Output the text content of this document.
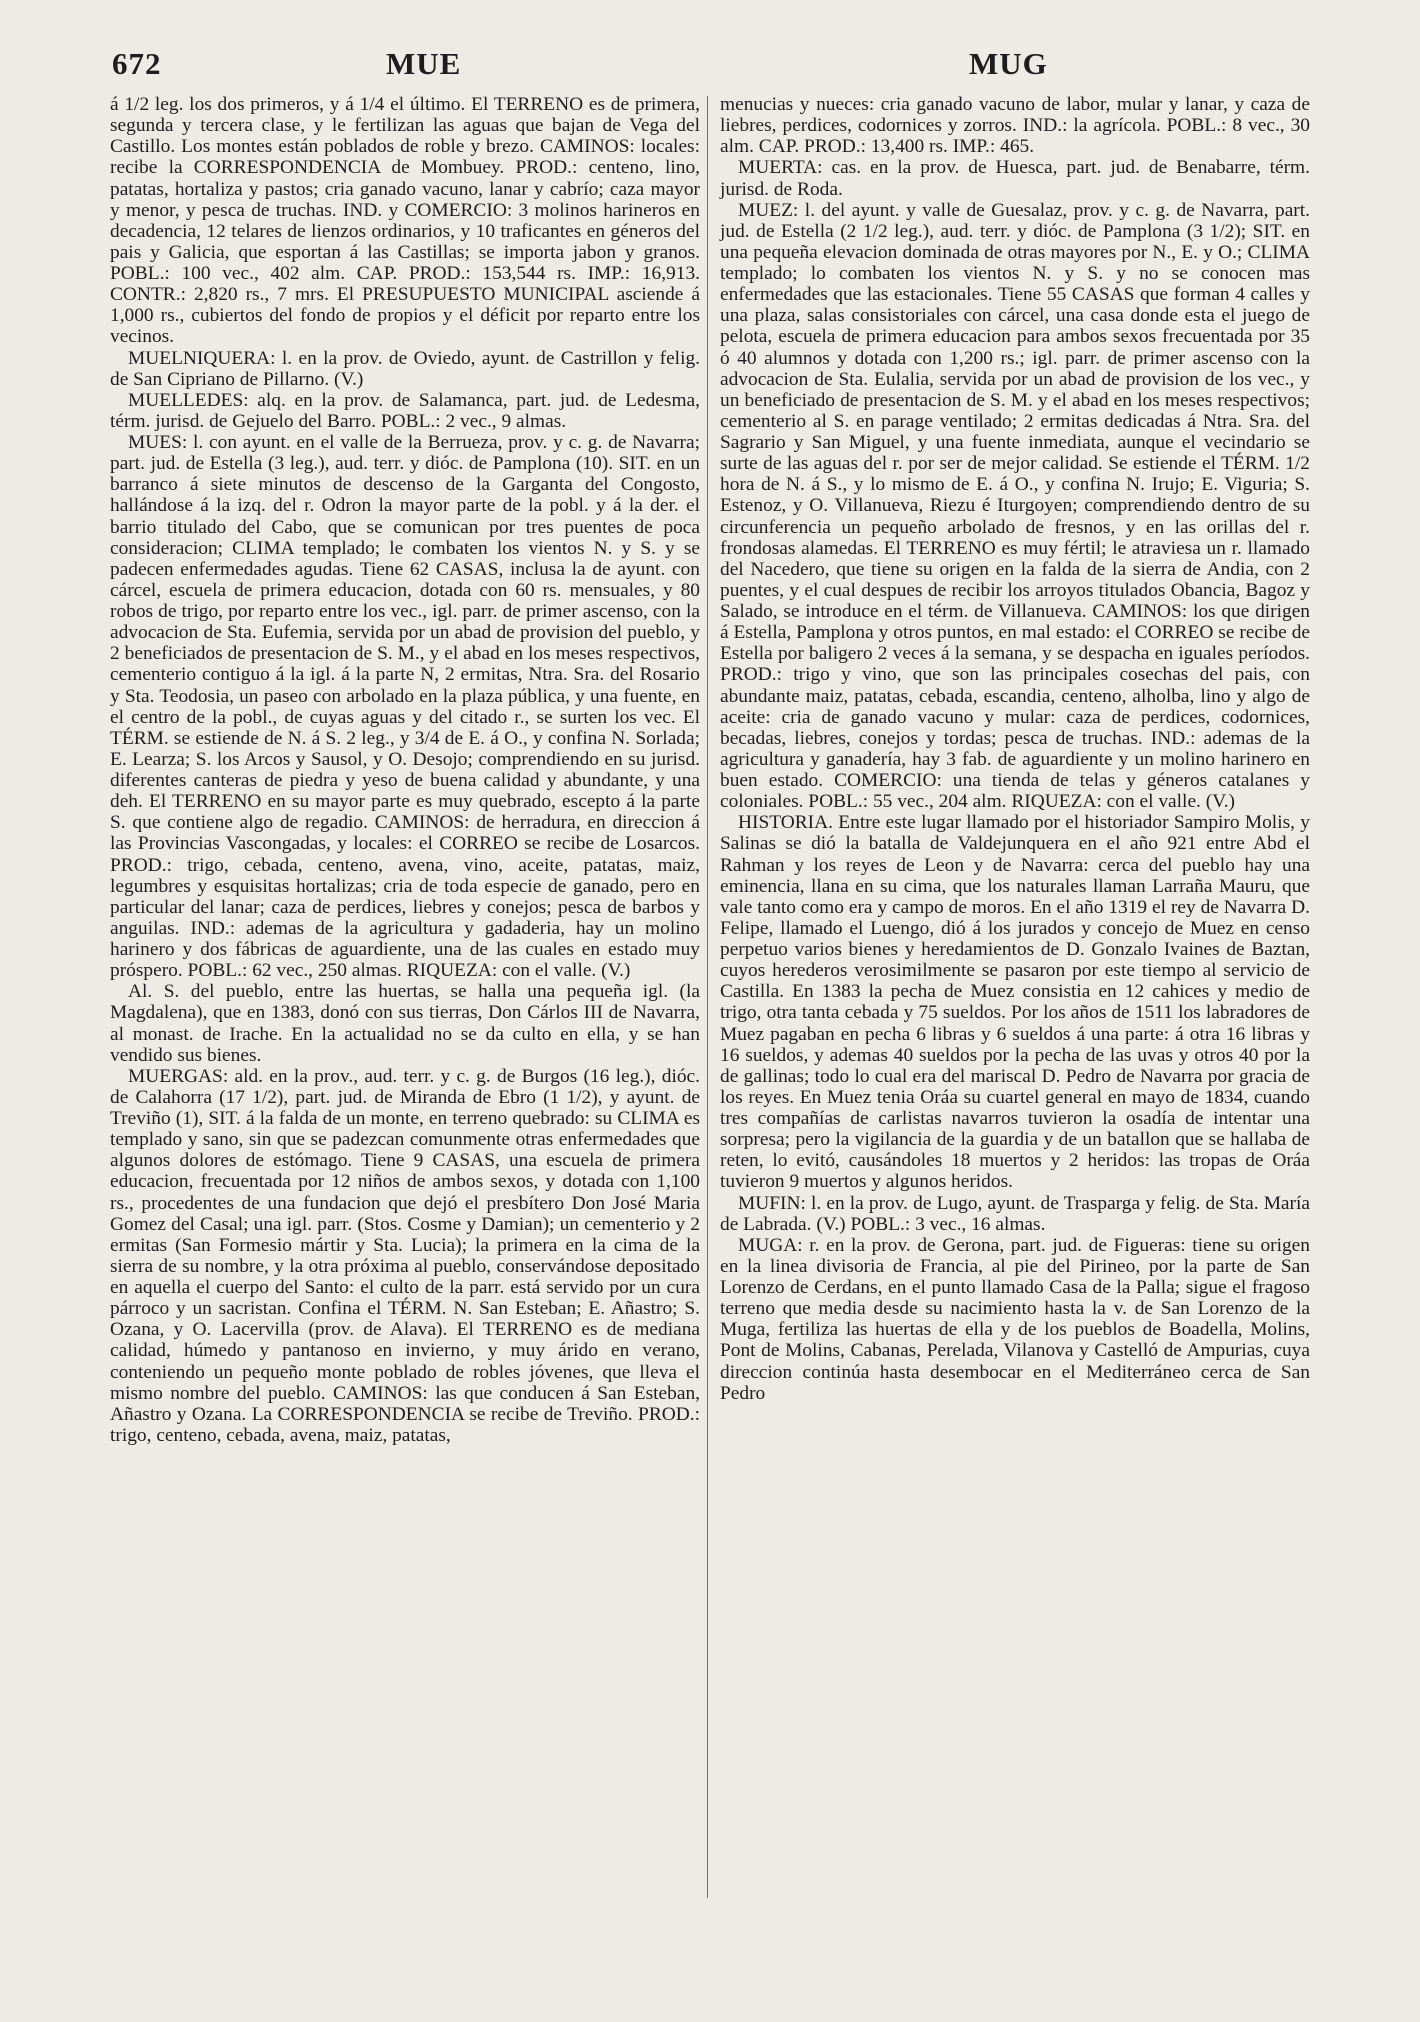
672	MUE	MUG

á 1/2 leg. los dos primeros, y á 1/4 el último. El TERRENO es de primera, segunda y tercera clase, y le fertilizan las aguas que bajan de Vega del Castillo. Los montes están poblados de roble y brezo. CAMINOS: locales: recibe la CORRESPONDENCIA de Mombuey. PROD.: centeno, lino, patatas, hortaliza y pastos; cria ganado vacuno, lanar y cabrío; caza mayor y menor, y pesca de truchas. IND. y COMERCIO: 3 molinos harineros en decadencia, 12 telares de lienzos ordinarios, y 10 traficantes en géneros del pais y Galicia, que esportan á las Castillas; se importa jabon y granos. POBL.: 100 vec., 402 alm. CAP. PROD.: 153,544 rs. IMP.: 16,913. CONTR.: 2,820 rs., 7 mrs. El PRESUPUESTO MUNICIPAL asciende á 1,000 rs., cubiertos del fondo de propios y el déficit por reparto entre los vecinos.

MUELNIQUERA: l. en la prov. de Oviedo, ayunt. de Castrillon y felig. de San Cipriano de Pillarno. (V.)

MUELLEDES: alq. en la prov. de Salamanca, part. jud. de Ledesma, térm. jurisd. de Gejuelo del Barro. POBL.: 2 vec., 9 almas.

MUES: l. con ayunt. en el valle de la Berrueza, prov. y c. g. de Navarra; part. jud. de Estella (3 leg.), aud. terr. y dióc. de Pamplona (10). SIT. en un barranco á siete minutos de descenso de la Garganta del Congosto, hallándose á la izq. del r. Odron la mayor parte de la pobl. y á la der. el barrio titulado del Cabo, que se comunican por tres puentes de poca consideracion; CLIMA templado; le combaten los vientos N. y S. y se padecen enfermedades agudas. Tiene 62 CASAS, inclusa la de ayunt. con cárcel, escuela de primera educacion, dotada con 60 rs. mensuales, y 80 robos de trigo, por reparto entre los vec., igl. parr. de primer ascenso, con la advocacion de Sta. Eufemia, servida por un abad de provision del pueblo, y 2 beneficiados de presentacion de S. M., y el abad en los meses respectivos, cementerio contiguo á la igl. á la parte N, 2 ermitas, Ntra. Sra. del Rosario y Sta. Teodosia, un paseo con arbolado en la plaza pública, y una fuente, en el centro de la pobl., de cuyas aguas y del citado r., se surten los vec. El TÉRM. se estiende de N. á S. 2 leg., y 3/4 de E. á O., y confina N. Sorlada; E. Learza; S. los Arcos y Sausol, y O. Desojo; comprendiendo en su jurisd. diferentes canteras de piedra y yeso de buena calidad y abundante, y una deh. El TERRENO en su mayor parte es muy quebrado, escepto á la parte S. que contiene algo de regadio. CAMINOS: de herradura, en direccion á las Provincias Vascongadas, y locales: el CORREO se recibe de Losarcos. PROD.: trigo, cebada, centeno, avena, vino, aceite, patatas, maiz, legumbres y esquisitas hortalizas; cria de toda especie de ganado, pero en particular del lanar; caza de perdices, liebres y conejos; pesca de barbos y anguilas. IND.: ademas de la agricultura y gadaderia, hay un molino harinero y dos fábricas de aguardiente, una de las cuales en estado muy próspero. POBL.: 62 vec., 250 almas. RIQUEZA: con el valle. (V.)

Al. S. del pueblo, entre las huertas, se halla una pequeña igl. (la Magdalena), que en 1383, donó con sus tierras, Don Cárlos III de Navarra, al monast. de Irache. En la actualidad no se da culto en ella, y se han vendido sus bienes.

MUERGAS: ald. en la prov., aud. terr. y c. g. de Burgos (16 leg.), dióc. de Calahorra (17 1/2), part. jud. de Miranda de Ebro (1 1/2), y ayunt. de Treviño (1), SIT. á la falda de un monte, en terreno quebrado: su CLIMA es templado y sano, sin que se padezcan comunmente otras enfermedades que algunos dolores de estómago. Tiene 9 CASAS, una escuela de primera educacion, frecuentada por 12 niños de ambos sexos, y dotada con 1,100 rs., procedentes de una fundacion que dejó el presbítero Don José Maria Gomez del Casal; una igl. parr. (Stos. Cosme y Damian); un cementerio y 2 ermitas (San Formesio mártir y Sta. Lucia); la primera en la cima de la sierra de su nombre, y la otra próxima al pueblo, conservándose depositado en aquella el cuerpo del Santo: el culto de la parr. está servido por un cura párroco y un sacristan. Confina el TÉRM. N. San Esteban; E. Añastro; S. Ozana, y O. Lacervilla (prov. de Alava). El TERRENO es de mediana calidad, húmedo y pantanoso en invierno, y muy árido en verano, conteniendo un pequeño monte poblado de robles jóvenes, que lleva el mismo nombre del pueblo. CAMINOS: las que conducen á San Esteban, Añastro y Ozana. La CORRESPONDENCIA se recibe de Treviño. PROD.: trigo, centeno, cebada, avena, maiz, patatas,

menucias y nueces: cria ganado vacuno de labor, mular y lanar, y caza de liebres, perdices, codornices y zorros. IND.: la agrícola. POBL.: 8 vec., 30 alm. CAP. PROD.: 13,400 rs. IMP.: 465.

MUERTA: cas. en la prov. de Huesca, part. jud. de Benabarre, térm. jurisd. de Roda.

MUEZ: l. del ayunt. y valle de Guesalaz, prov. y c. g. de Navarra, part. jud. de Estella (2 1/2 leg.), aud. terr. y dióc. de Pamplona (3 1/2); SIT. en una pequeña elevacion dominada de otras mayores por N., E. y O.; CLIMA templado; lo combaten los vientos N. y S. y no se conocen mas enfermedades que las estacionales. Tiene 55 CASAS que forman 4 calles y una plaza, salas consistoriales con cárcel, una casa donde esta el juego de pelota, escuela de primera educacion para ambos sexos frecuentada por 35 ó 40 alumnos y dotada con 1,200 rs.; igl. parr. de primer ascenso con la advocacion de Sta. Eulalia, servida por un abad de provision de los vec., y un beneficiado de presentacion de S. M. y el abad en los meses respectivos; cementerio al S. en parage ventilado; 2 ermitas dedicadas á Ntra. Sra. del Sagrario y San Miguel, y una fuente inmediata, aunque el vecindario se surte de las aguas del r. por ser de mejor calidad. Se estiende el TÉRM. 1/2 hora de N. á S., y lo mismo de E. á O., y confina N. Irujo; E. Viguria; S. Estenoz, y O. Villanueva, Riezu é Iturgoyen; comprendiendo dentro de su circunferencia un pequeño arbolado de fresnos, y en las orillas del r. frondosas alamedas. El TERRENO es muy fértil; le atraviesa un r. llamado del Nacedero, que tiene su origen en la falda de la sierra de Andia, con 2 puentes, y el cual despues de recibir los arroyos titulados Obancia, Bagoz y Salado, se introduce en el térm. de Villanueva. CAMINOS: los que dirigen á Estella, Pamplona y otros puntos, en mal estado: el CORREO se recibe de Estella por baligero 2 veces á la semana, y se despacha en iguales períodos. PROD.: trigo y vino, que son las principales cosechas del pais, con abundante maiz, patatas, cebada, escandia, centeno, alholba, lino y algo de aceite: cria de ganado vacuno y mular: caza de perdices, codornices, becadas, liebres, conejos y tordas; pesca de truchas. IND.: ademas de la agricultura y ganadería, hay 3 fab. de aguardiente y un molino harinero en buen estado. COMERCIO: una tienda de telas y géneros catalanes y coloniales. POBL.: 55 vec., 204 alm. RIQUEZA: con el valle. (V.)

HISTORIA. Entre este lugar llamado por el historiador Sampiro Molis, y Salinas se dió la batalla de Valdejunquera en el año 921 entre Abd el Rahman y los reyes de Leon y de Navarra: cerca del pueblo hay una eminencia, llana en su cima, que los naturales llaman Larraña Mauru, que vale tanto como era y campo de moros. En el año 1319 el rey de Navarra D. Felipe, llamado el Luengo, dió á los jurados y concejo de Muez en censo perpetuo varios bienes y heredamientos de D. Gonzalo Ivaines de Baztan, cuyos herederos verosimilmente se pasaron por este tiempo al servicio de Castilla. En 1383 la pecha de Muez consistia en 12 cahices y medio de trigo, otra tanta cebada y 75 sueldos. Por los años de 1511 los labradores de Muez pagaban en pecha 6 libras y 6 sueldos á una parte: á otra 16 libras y 16 sueldos, y ademas 40 sueldos por la pecha de las uvas y otros 40 por la de gallinas; todo lo cual era del mariscal D. Pedro de Navarra por gracia de los reyes. En Muez tenia Oráa su cuartel general en mayo de 1834, cuando tres compañías de carlistas navarros tuvieron la osadía de intentar una sorpresa; pero la vigilancia de la guardia y de un batallon que se hallaba de reten, lo evitó, causándoles 18 muertos y 2 heridos: las tropas de Oráa tuvieron 9 muertos y algunos heridos.

MUFIN: l. en la prov. de Lugo, ayunt. de Trasparga y felig. de Sta. María de Labrada. (V.) POBL.: 3 vec., 16 almas.

MUGA: r. en la prov. de Gerona, part. jud. de Figueras: tiene su origen en la linea divisoria de Francia, al pie del Pirineo, por la parte de San Lorenzo de Cerdans, en el punto llamado Casa de la Palla; sigue el fragoso terreno que media desde su nacimiento hasta la v. de San Lorenzo de la Muga, fertiliza las huertas de ella y de los pueblos de Boadella, Molins, Pont de Molins, Cabanas, Perelada, Vilanova y Castelló de Ampurias, cuya direccion continúa hasta desembocar en el Mediterráneo cerca de San Pedro
